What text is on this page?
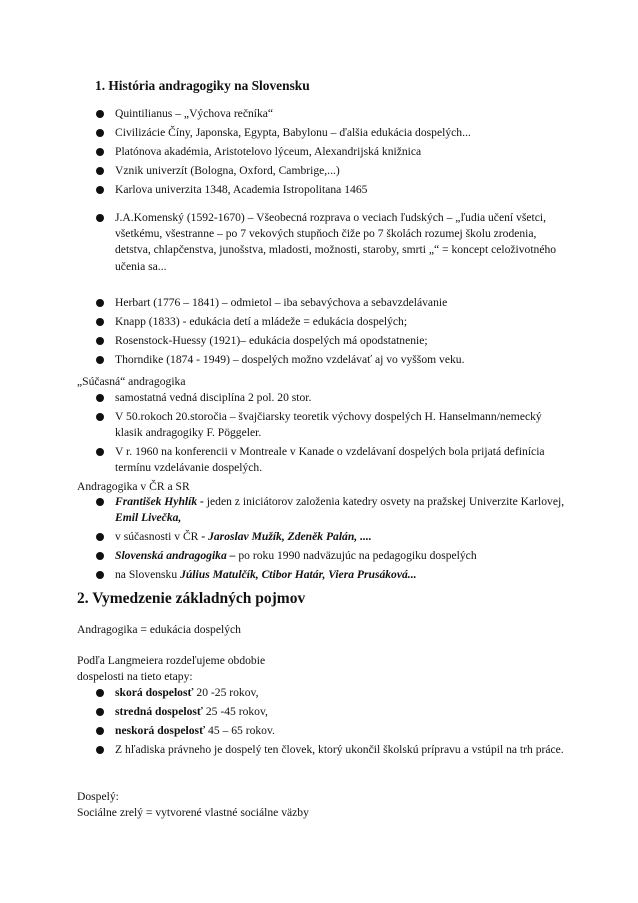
1. História andragogiky na Slovensku
Quintilianus – „Výchova rečníka“
Civilizácie Číny, Japonska, Egypta, Babylonu – ďalšia edukácia dospelých...
Platónova akadémia, Aristotelovo lýceum, Alexandrijská knižnica
Vznik univerzít (Bologna, Oxford, Cambrige,...)
Karlova univerzita 1348, Academia Istropolitana 1465
J.A.Komenský (1592-1670) – Všeobecná rozprava o veciach ľudských – „ľudia učení všetci, všetkému, všestranne – po 7 vekových stupňoch čiže po 7 školách rozumej školu zrodenia, detstva, chlapčenstva, junošstva, mladosti, možnosti, staroby, smrti „“ = koncept celoživotného učenia sa...
Herbart (1776 – 1841) – odmietol – iba sebavýchova a sebavzdelávanie
Knapp (1833) - edukácia detí a mládeže = edukácia dospelých;
Rosenstock-Huessy (1921)– edukácia dospelých má opodstatnenie;
Thorndike (1874 - 1949) – dospelých možno vzdelávať aj vo vyššom veku.
„Súčasná“ andragogika
samostatná vedná disciplína 2 pol. 20 stor.
V 50.rokoch 20.storočia – švajčiarsky teoretik výchovy dospelých H. Hanselmann/nemecký klasik andragogiky F. Pöggeler.
V r. 1960 na konferencii v Montreale v Kanade o vzdelávaní dospelých bola prijatá definícia termínu vzdelávanie dospelých.
Andragogika v ČR a SR
František Hyhlík - jeden z iniciátorov založenia katedry osvety na pražskej Univerzite Karlovej, Emil Livečka,
v súčasnosti v ČR - Jaroslav Mužík, Zdeněk Palán, ....
Slovenská andragogika – po roku 1990 nadväzujúc na pedagogiku dospelých
na Slovensku Július Matulčík, Ctibor Határ, Viera Prusáková...
2. Vymedzenie základných pojmov
Andragogika = edukácia dospelých

Podľa Langmeiera rozdeľujeme obdobie

dospelosti na tieto etapy:

skorá dospelosť 20 -25 rokov,
stredná dospelosť 25 -45 rokov,
neskorá dospelosť 45 – 65 rokov.
Z hľadiska právneho je dospelý ten človek, ktorý ukončil školskú prípravu a vstúpil na trh práce.
Dospelý:
Sociálne zrelý = vytvorené vlastné sociálne väzby
